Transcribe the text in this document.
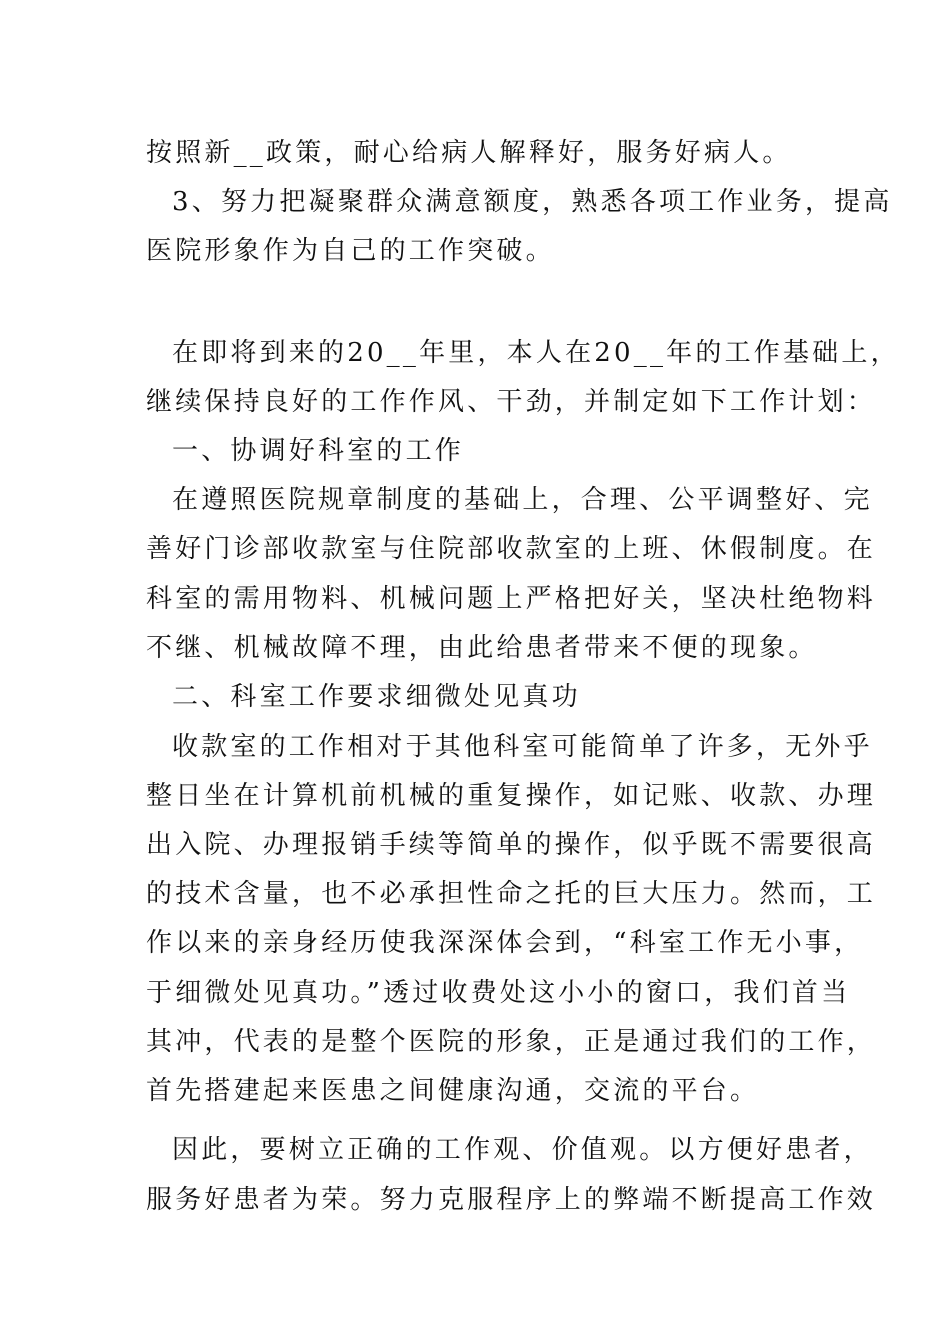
按照新__政策，耐心给病人解释好，服务好病人。

3、努力把凝聚群众满意额度，熟悉各项工作业务，提高

医院形象作为自己的工作突破。

在即将到来的20__年里，本人在20__年的工作基础上，

继续保持良好的工作作风、干劲，并制定如下工作计划：

一、协调好科室的工作

在遵照医院规章制度的基础上，合理、公平调整好、完

善好门诊部收款室与住院部收款室的上班、休假制度。在

科室的需用物料、机械问题上严格把好关，坚决杜绝物料

不继、机械故障不理，由此给患者带来不便的现象。

二、科室工作要求细微处见真功

收款室的工作相对于其他科室可能简单了许多，无外乎

整日坐在计算机前机械的重复操作，如记账、收款、办理

出入院、办理报销手续等简单的操作，似乎既不需要很高

的技术含量，也不必承担性命之托的巨大压力。然而，工

作以来的亲身经历使我深深体会到，“科室工作无小事，

于细微处见真功。”透过收费处这小小的窗口，我们首当

其冲，代表的是整个医院的形象，正是通过我们的工作，

首先搭建起来医患之间健康沟通，交流的平台。

因此，要树立正确的工作观、价值观。以方便好患者，

服务好患者为荣。努力克服程序上的弊端不断提高工作效
